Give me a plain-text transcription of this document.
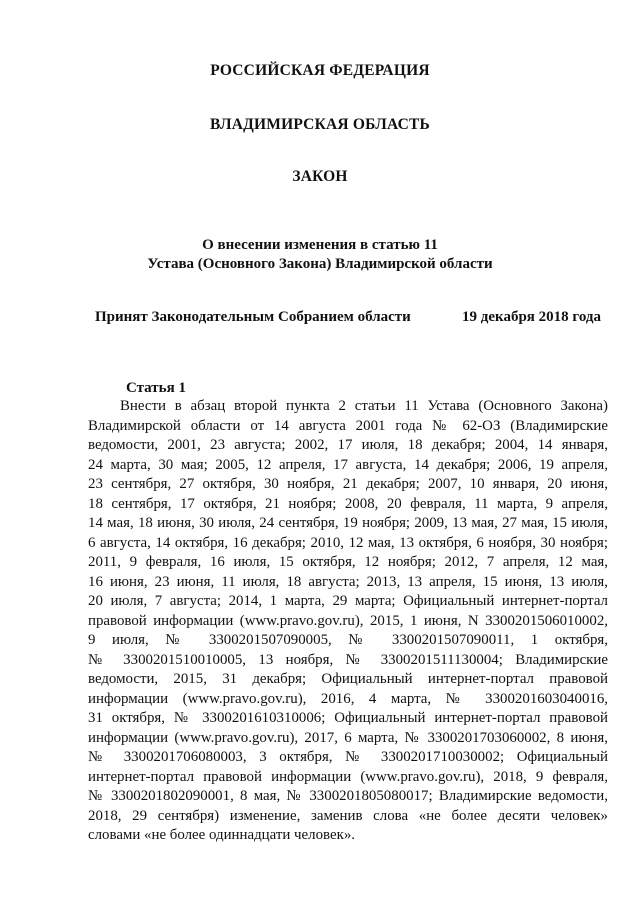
РОССИЙСКАЯ ФЕДЕРАЦИЯ
ВЛАДИМИРСКАЯ ОБЛАСТЬ
ЗАКОН
О внесении изменения в статью 11
Устава (Основного Закона) Владимирской области
Принят Законодательным Собранием области	19 декабря 2018 года
Статья 1
Внести в абзац второй пункта 2 статьи 11 Устава (Основного Закона)
Владимирской области от 14 августа 2001 года № 62-ОЗ (Владимирские
ведомости, 2001, 23 августа; 2002, 17 июля, 18 декабря; 2004, 14 января,
24 марта, 30 мая; 2005, 12 апреля, 17 августа, 14 декабря; 2006, 19 апреля,
23 сентября, 27 октября, 30 ноября, 21 декабря; 2007, 10 января, 20 июня,
18 сентября, 17 октября, 21 ноября; 2008, 20 февраля, 11 марта, 9 апреля,
14 мая, 18 июня, 30 июля, 24 сентября, 19 ноября; 2009, 13 мая, 27 мая, 15 июля,
6 августа, 14 октября, 16 декабря; 2010, 12 мая, 13 октября, 6 ноября, 30 ноября;
2011, 9 февраля, 16 июля, 15 октября, 12 ноября; 2012, 7 апреля, 12 мая,
16 июня, 23 июня, 11 июля, 18 августа; 2013, 13 апреля, 15 июня, 13 июля,
20 июля, 7 августа; 2014, 1 марта, 29 марта; Официальный интернет-портал
правовой информации (www.pravo.gov.ru), 2015, 1 июня, N 3300201506010002,
9 июля, № 3300201507090005, № 3300201507090011, 1 октября,
№ 3300201510010005, 13 ноября, № 3300201511130004; Владимирские
ведомости, 2015, 31 декабря; Официальный интернет-портал правовой
информации (www.pravo.gov.ru), 2016, 4 марта, № 3300201603040016,
31 октября, № 3300201610310006; Официальный интернет-портал правовой
информации (www.pravo.gov.ru), 2017, 6 марта, № 3300201703060002, 8 июня,
№ 3300201706080003, 3 октября, № 3300201710030002; Официальный
интернет-портал правовой информации (www.pravo.gov.ru), 2018, 9 февраля,
№ 3300201802090001, 8 мая, № 3300201805080017; Владимирские ведомости,
2018, 29 сентября) изменение, заменив слова «не более десяти человек»
словами «не более одиннадцати человек».
